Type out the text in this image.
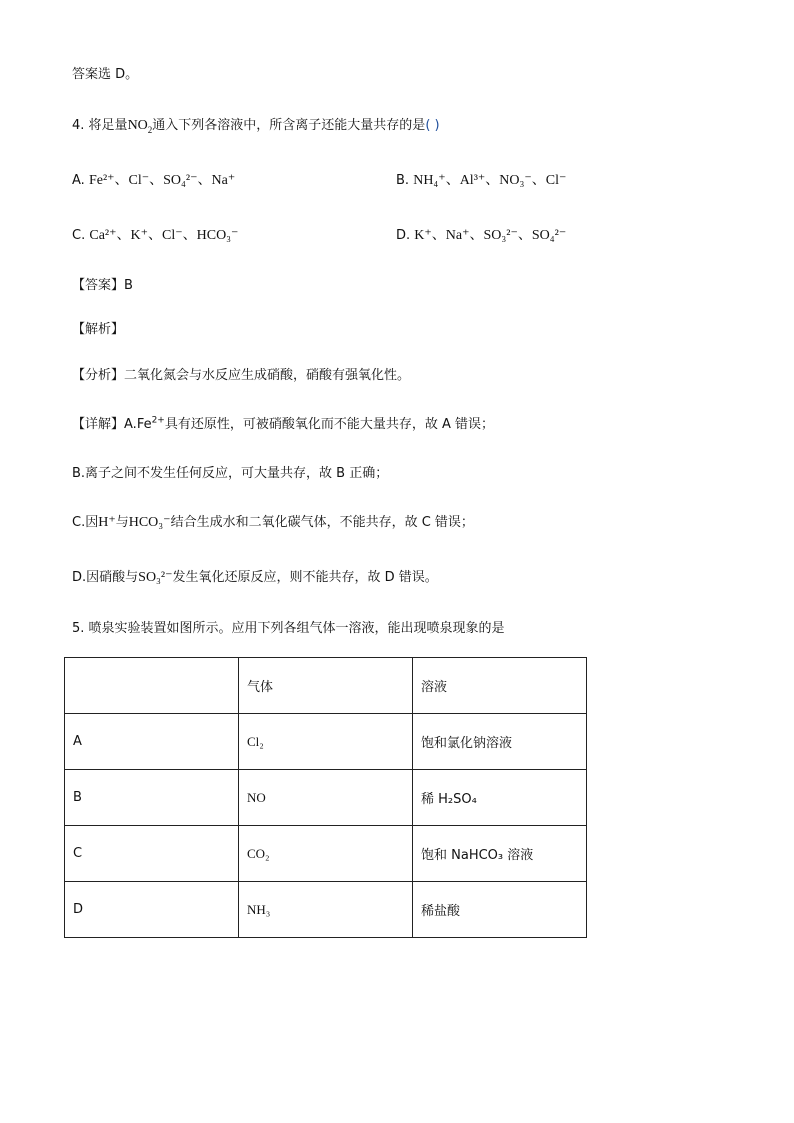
答案选 D。
4. 将足量$NO_2$通入下列各溶液中，所含离子还能大量共存的是( )
A. Fe²⁺、Cl⁻、SO₄²⁻、Na⁺	B. NH₄⁺、Al³⁺、NO₃⁻、Cl⁻
C. Ca²⁺、K⁺、Cl⁻、HCO₃⁻	D. K⁺、Na⁺、SO₃²⁻、SO₄²⁻
【答案】B
【解析】
【分析】二氧化氮会与水反应生成硝酸，硝酸有强氧化性。
【详解】$A.Fe^{2+}$具有还原性，可被硝酸氧化而不能大量共存，故 A 错误；
B.离子之间不发生任何反应，可大量共存，故 B 正确；
C.因H⁺与HCO₃⁻结合生成水和二氧化碳气体，不能共存，故 C 错误；
D.因硝酸与SO₃²⁻发生氧化还原反应，则不能共存，故 D 错误。
5. 喷泉实验装置如图所示。应用下列各组气体一溶液，能出现喷泉现象的是
	气体	溶液
A	Cl₂	饱和氯化钠溶液
B	NO	稀 H₂SO₄
C	CO₂	饱和 NaHCO₃ 溶液
D	NH₃	稀盐酸
